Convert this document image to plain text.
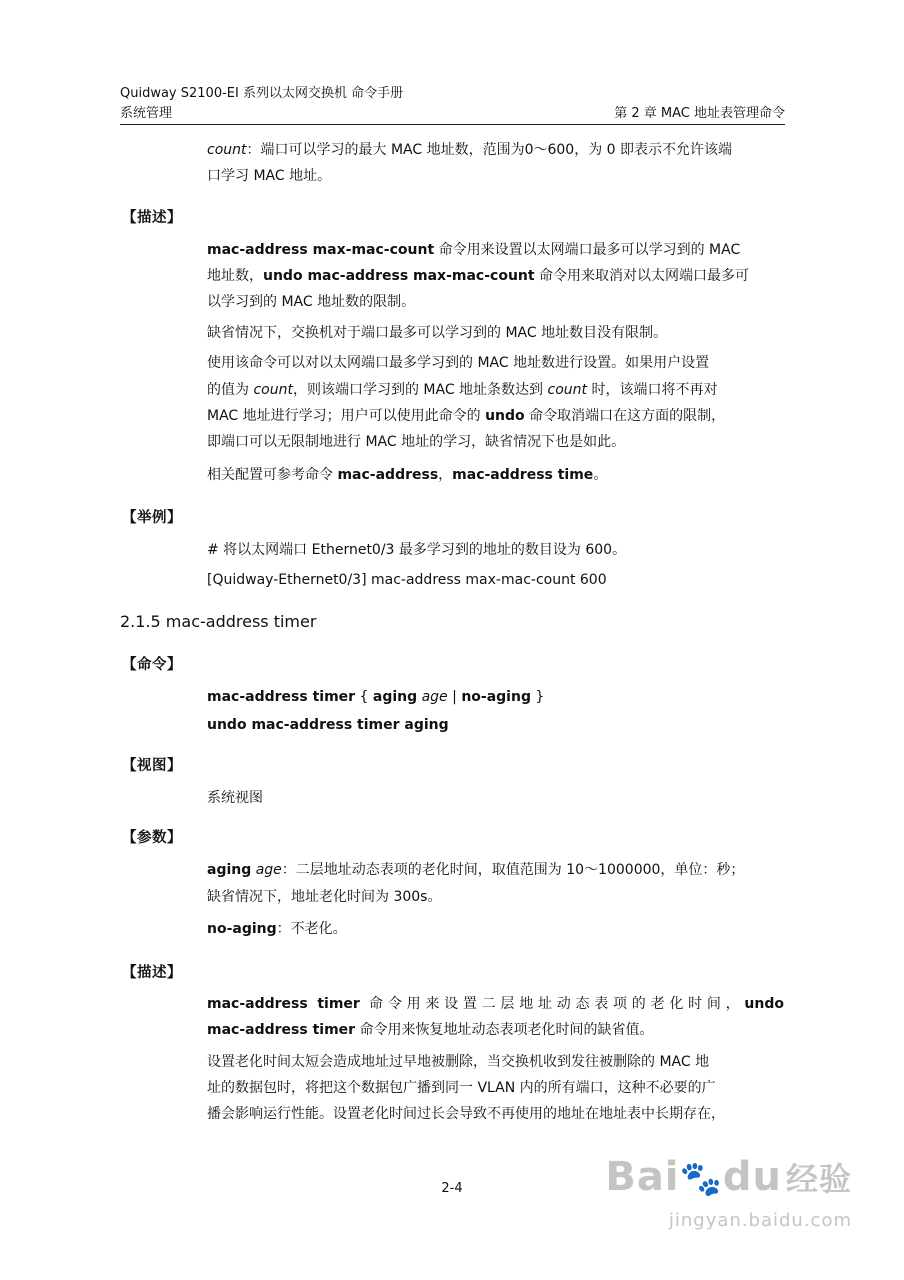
Quidway S2100-EI 系列以太网交换机 命令手册
系统管理	第 2 章 MAC 地址表管理命令
count：端口可以学习的最大 MAC 地址数，范围为0～600，为 0 即表示不允许该端
口学习 MAC 地址。
【描述】
mac-address max-mac-count 命令用来设置以太网端口最多可以学习到的 MAC
地址数，undo mac-address max-mac-count 命令用来取消对以太网端口最多可
以学习到的 MAC 地址数的限制。
缺省情况下，交换机对于端口最多可以学习到的 MAC 地址数目没有限制。
使用该命令可以对以太网端口最多学习到的 MAC 地址数进行设置。如果用户设置
的值为 count，则该端口学习到的 MAC 地址条数达到 count 时，该端口将不再对
MAC 地址进行学习；用户可以使用此命令的 undo 命令取消端口在这方面的限制，
即端口可以无限制地进行 MAC 地址的学习，缺省情况下也是如此。
相关配置可参考命令 mac-address，mac-address time。
【举例】
# 将以太网端口 Ethernet0/3 最多学习到的地址的数目设为 600。
[Quidway-Ethernet0/3] mac-address max-mac-count 600
2.1.5 mac-address timer
【命令】
mac-address timer { aging age | no-aging }
undo mac-address timer aging
【视图】
系统视图
【参数】
aging age：二层地址动态表项的老化时间，取值范围为 10～1000000，单位：秒；
缺省情况下，地址老化时间为 300s。
no-aging：不老化。
【描述】
mac-address timer 命令用来设置二层地址动态表项的老化时间，undo
mac-address timer 命令用来恢复地址动态表项老化时间的缺省值。
设置老化时间太短会造成地址过早地被删除，当交换机收到发往被删除的 MAC 地
址的数据包时，将把这个数据包广播到同一 VLAN 内的所有端口，这种不必要的广
播会影响运行性能。设置老化时间过长会导致不再使用的地址在地址表中长期存在，
2-4	Bai🐾du 经验
jingyan.baidu.com
